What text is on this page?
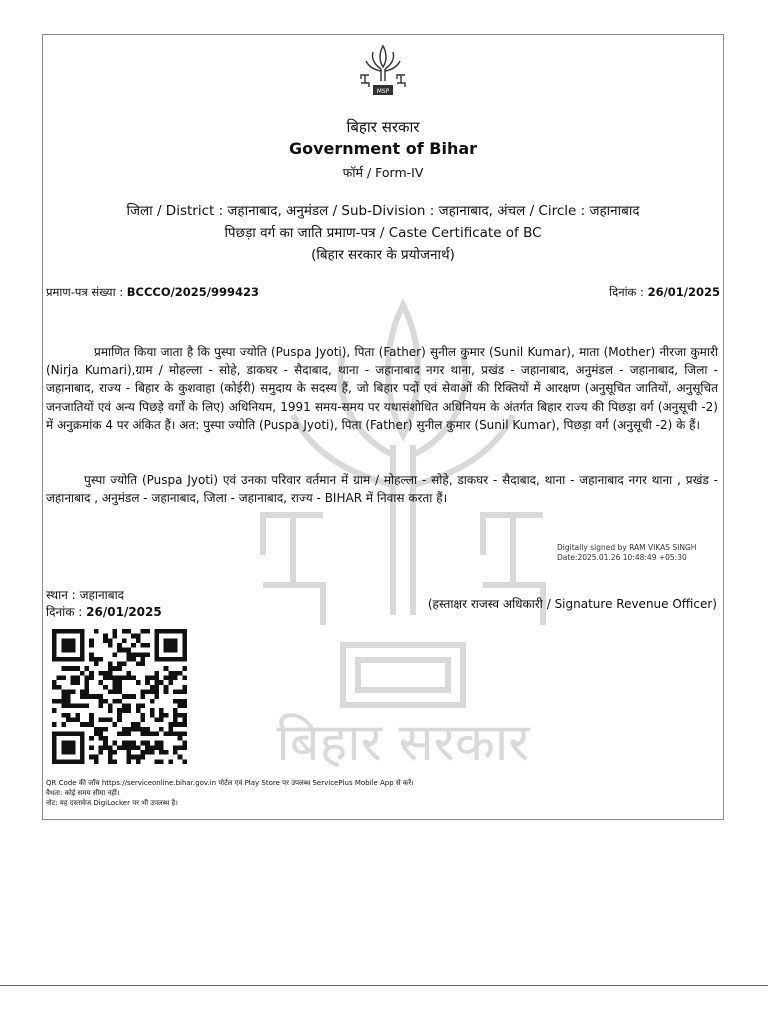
बिहार सरकार
MSP
बिहार सरकार
Government of Bihar
फॉर्म / Form-IV
जिला / District : जहानाबाद, अनुमंडल / Sub-Division : जहानाबाद, अंचल / Circle : जहानाबाद
पिछड़ा वर्ग का जाति प्रमाण-पत्र / Caste Certificate of BC
(बिहार सरकार के प्रयोजनार्थ)
प्रमाण-पत्र संख्या : BCCCO/2025/999423	दिनांक : 26/01/2025
प्रमाणित किया जाता है कि पुस्पा ज्योति (Puspa Jyoti), पिता (Father) सुनील कुमार (Sunil Kumar), माता (Mother) नीरजा कुमारी (Nirja Kumari),ग्राम / मोहल्ला - सोहे, डाकघर - सैदाबाद, थाना - जहानाबाद नगर थाना, प्रखंड - जहानाबाद, अनुमंडल - जहानाबाद, जिला - जहानाबाद, राज्य - बिहार के कुशवाहा (कोईरी) समुदाय के सदस्य हैं, जो बिहार पदों एवं सेवाओं की रिक्तियों में आरक्षण (अनुसूचित जातियों, अनुसूचित जनजातियों एवं अन्य पिछड़े वर्गों के लिए) अधिनियम, 1991 समय-समय पर यथासंशोधित अधिनियम के अंतर्गत बिहार राज्य की पिछड़ा वर्ग (अनुसूची -2) में अनुक्रमांक 4 पर अंकित हैं। अत: पुस्पा ज्योति (Puspa Jyoti), पिता (Father) सुनील कुमार (Sunil Kumar), पिछड़ा वर्ग (अनुसूची -2) के हैं।
पुस्पा ज्योति (Puspa Jyoti) एवं उनका परिवार वर्तमान में ग्राम / मोहल्ला - सोहे, डाकघर - सैदाबाद, थाना - जहानाबाद नगर थाना , प्रखंड - जहानाबाद , अनुमंडल - जहानाबाद, जिला - जहानाबाद, राज्य - BIHAR में निवास करता हैं।
Digitally signed by RAM VIKAS SINGH
Date:2025.01.26 10:48:49 +05:30
स्थान : जहानाबाद
दिनांक : 26/01/2025
(हस्ताक्षर राजस्व अधिकारी / Signature Revenue Officer)
QR Code की जाँच https://serviceonline.bihar.gov.in पोर्टल एवं Play Store पर उपलब्ध ServicePlus Mobile App से करें।
वैधता: कोई समय सीमा नहीं।
नोट: यह दस्तावेज DigiLocker पर भी उपलब्ध है।
